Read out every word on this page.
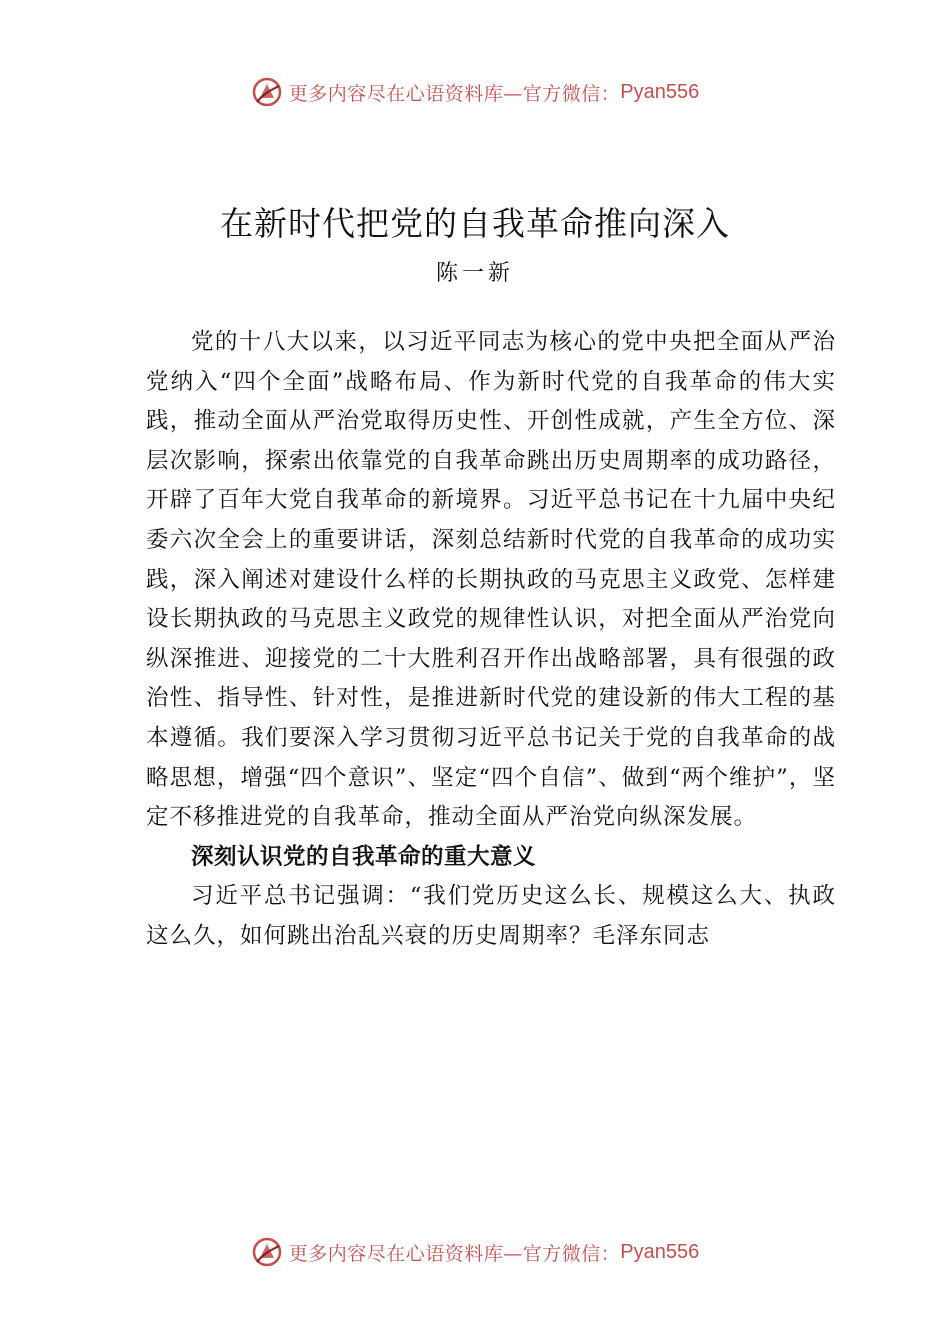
更多内容尽在心语资料库—官方微信： Pyan556
在新时代把党的自我革命推向深入
陈一新

党的十八大以来，以习近平同志为核心的党中央把全面从严治党纳入“四个全面”战略布局、作为新时代党的自我革命的伟大实践，推动全面从严治党取得历史性、开创性成就，产生全方位、深层次影响，探索出依靠党的自我革命跳出历史周期率的成功路径，开辟了百年大党自我革命的新境界。习近平总书记在十九届中央纪委六次全会上的重要讲话，深刻总结新时代党的自我革命的成功实践，深入阐述对建设什么样的长期执政的马克思主义政党、怎样建设长期执政的马克思主义政党的规律性认识，对把全面从严治党向纵深推进、迎接党的二十大胜利召开作出战略部署，具有很强的政治性、指导性、针对性，是推进新时代党的建设新的伟大工程的基本遵循。我们要深入学习贯彻习近平总书记关于党的自我革命的战略思想，增强“四个意识”、坚定“四个自信”、做到“两个维护”，坚定不移推进党的自我革命，推动全面从严治党向纵深发展。

深刻认识党的自我革命的重大意义

习近平总书记强调：“我们党历史这么长、规模这么大、执政这么久，如何跳出治乱兴衰的历史周期率？毛泽东同志

更多内容尽在心语资料库—官方微信： Pyan556
